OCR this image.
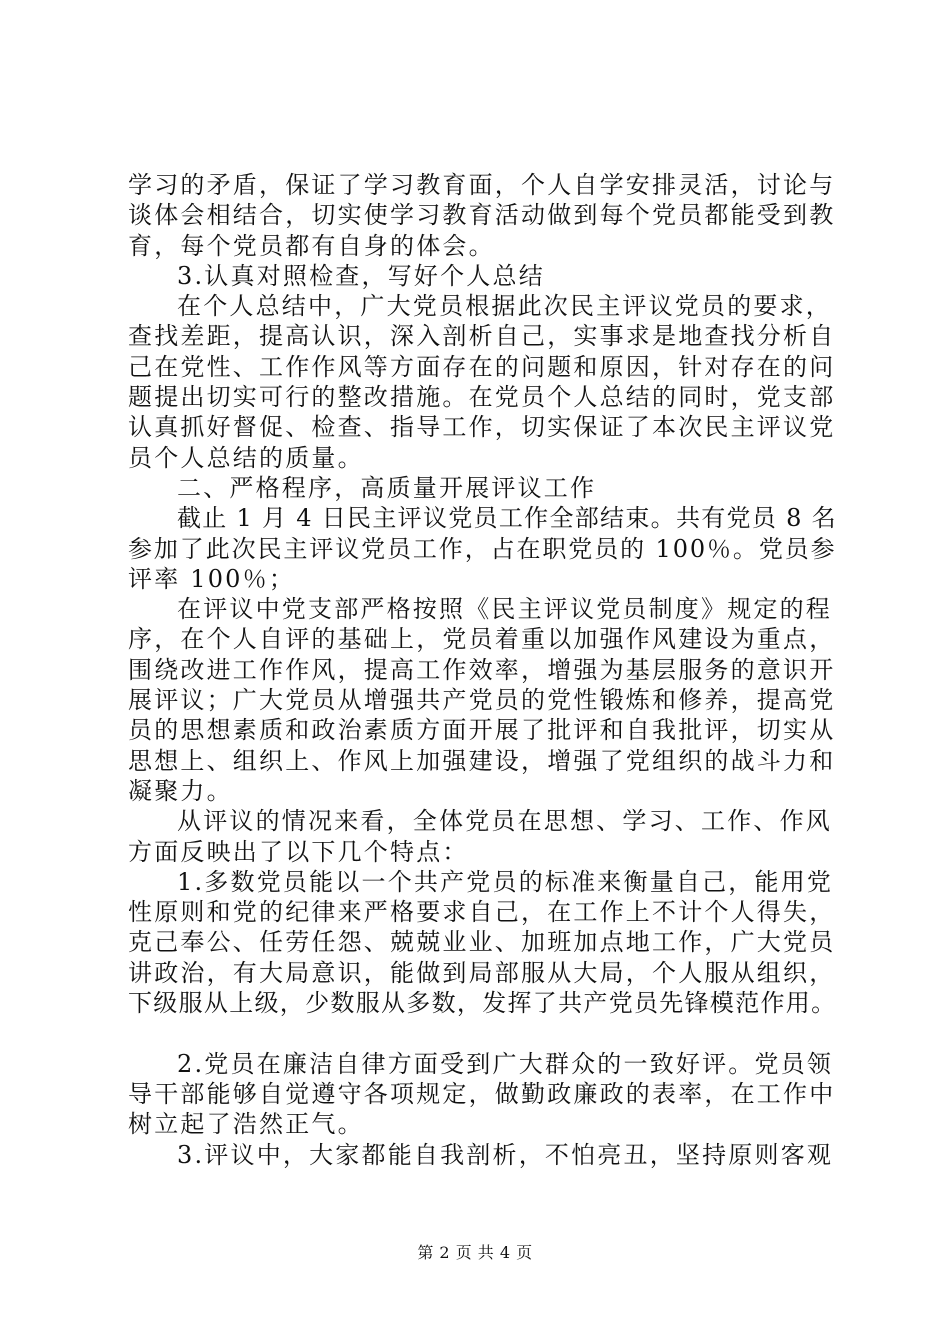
学习的矛盾，保证了学习教育面，个人自学安排灵活，讨论与
谈体会相结合，切实使学习教育活动做到每个党员都能受到教
育，每个党员都有自身的体会。
3.认真对照检查，写好个人总结
在个人总结中，广大党员根据此次民主评议党员的要求，
查找差距，提高认识，深入剖析自己，实事求是地查找分析自
己在党性、工作作风等方面存在的问题和原因，针对存在的问
题提出切实可行的整改措施。在党员个人总结的同时，党支部
认真抓好督促、检查、指导工作，切实保证了本次民主评议党
员个人总结的质量。
二、严格程序，高质量开展评议工作
截止 1 月 4 日民主评议党员工作全部结束。共有党员 8 名
参加了此次民主评议党员工作，占在职党员的 100％。党员参
评率 100％；
在评议中党支部严格按照《民主评议党员制度》规定的程
序，在个人自评的基础上，党员着重以加强作风建设为重点，
围绕改进工作作风，提高工作效率，增强为基层服务的意识开
展评议；广大党员从增强共产党员的党性锻炼和修养，提高党
员的思想素质和政治素质方面开展了批评和自我批评，切实从
思想上、组织上、作风上加强建设，增强了党组织的战斗力和
凝聚力。
从评议的情况来看，全体党员在思想、学习、工作、作风
方面反映出了以下几个特点：
1.多数党员能以一个共产党员的标准来衡量自己，能用党
性原则和党的纪律来严格要求自己，在工作上不计个人得失，
克己奉公、任劳任怨、兢兢业业、加班加点地工作，广大党员
讲政治，有大局意识，能做到局部服从大局，个人服从组织，
下级服从上级，少数服从多数，发挥了共产党员先锋模范作用。
2.党员在廉洁自律方面受到广大群众的一致好评。党员领
导干部能够自觉遵守各项规定，做勤政廉政的表率，在工作中
树立起了浩然正气。
3.评议中，大家都能自我剖析，不怕亮丑，坚持原则客观
第 2 页 共 4 页
